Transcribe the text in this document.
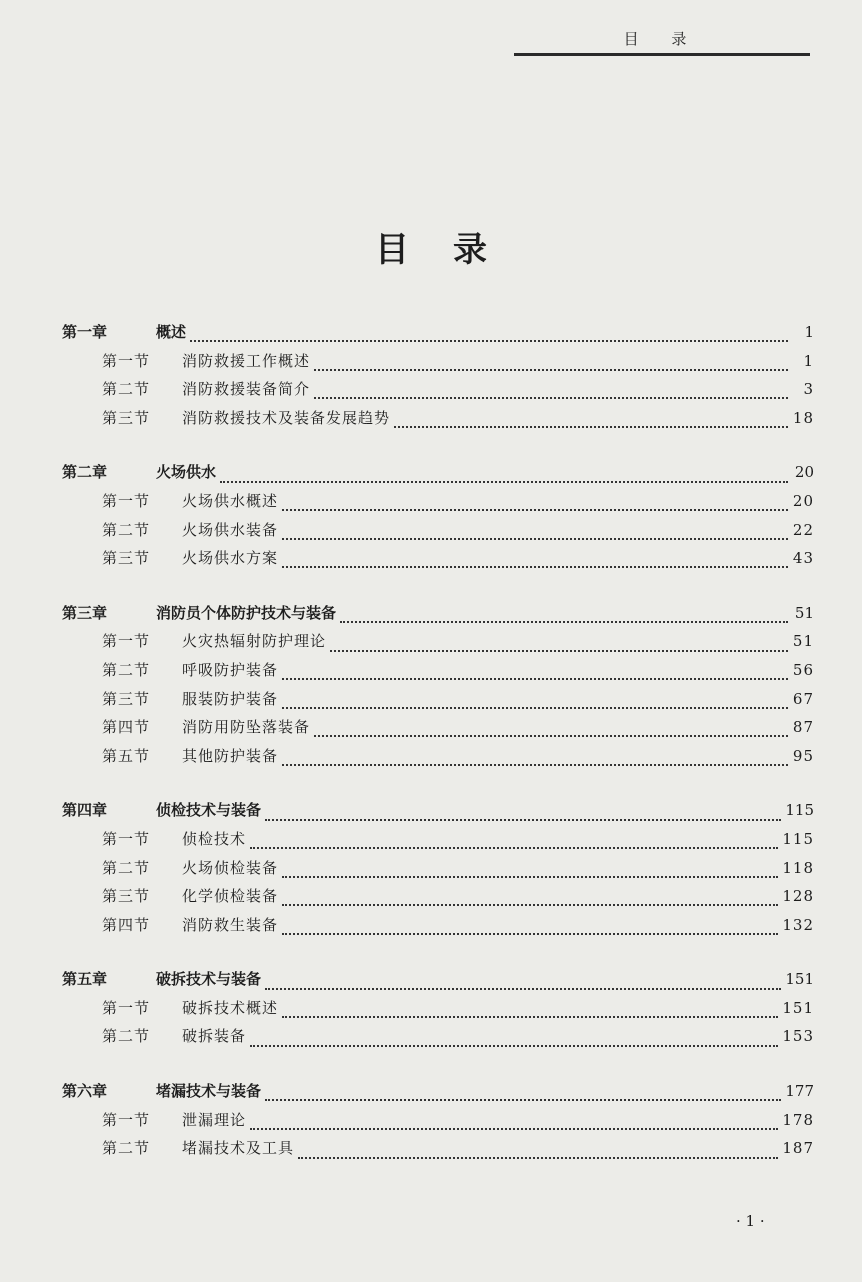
目 录
目录
第一章	概述	1
第一节	消防救援工作概述	1
第二节	消防救援装备简介	3
第三节	消防救援技术及装备发展趋势	18
第二章	火场供水	20
第一节	火场供水概述	20
第二节	火场供水装备	22
第三节	火场供水方案	43
第三章	消防员个体防护技术与装备	51
第一节	火灾热辐射防护理论	51
第二节	呼吸防护装备	56
第三节	服装防护装备	67
第四节	消防用防坠落装备	87
第五节	其他防护装备	95
第四章	侦检技术与装备	115
第一节	侦检技术	115
第二节	火场侦检装备	118
第三节	化学侦检装备	128
第四节	消防救生装备	132
第五章	破拆技术与装备	151
第一节	破拆技术概述	151
第二节	破拆装备	153
第六章	堵漏技术与装备	177
第一节	泄漏理论	178
第二节	堵漏技术及工具	187
· 1 ·
